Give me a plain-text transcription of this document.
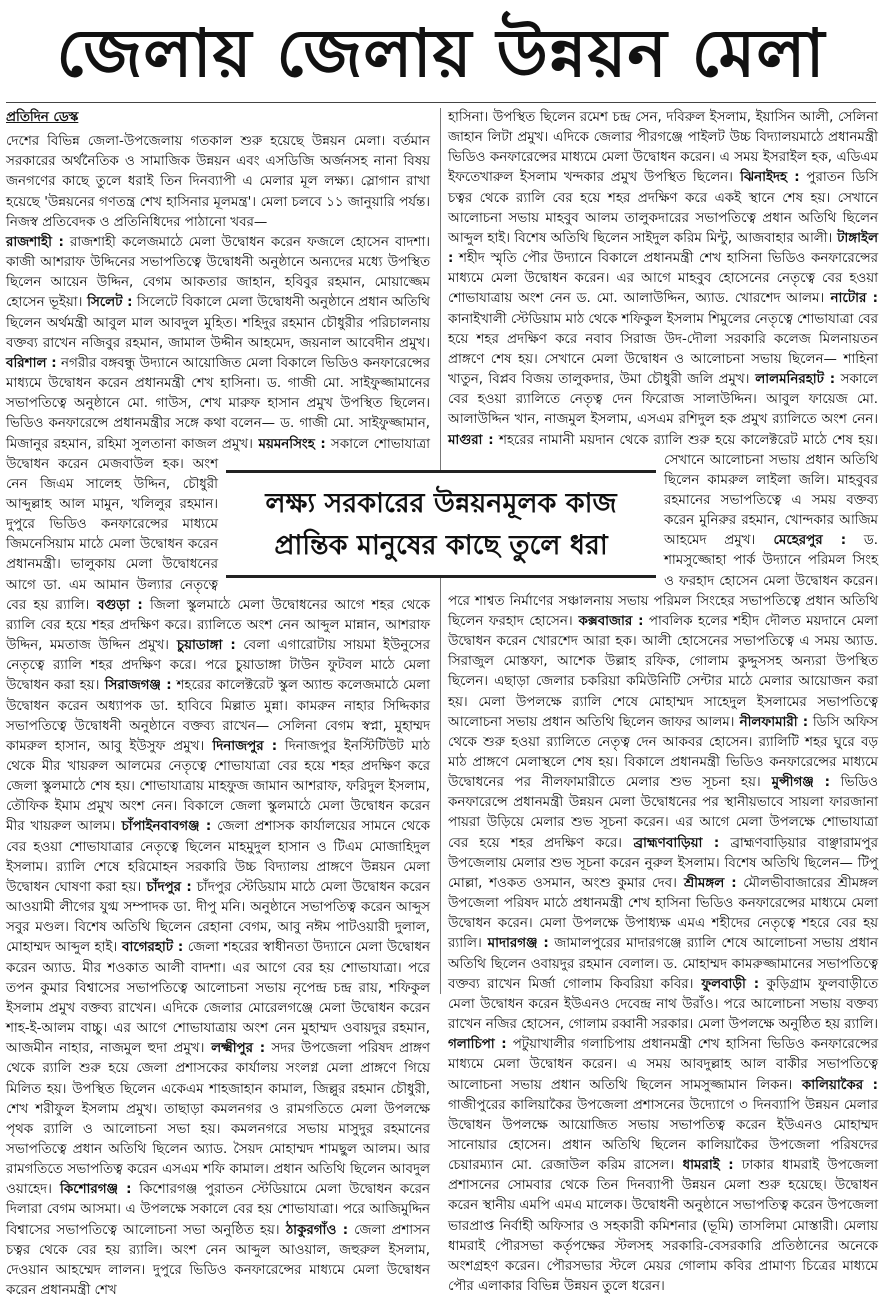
জেলায় জেলায় উন্নয়ন মেলা
প্রতিদিন ডেস্ক

দেশের বিভিন্ন জেলা-উপজেলায় গতকাল শুরু হয়েছে উন্নয়ন মেলা। বর্তমান সরকারের অর্থনৈতিক ও সামাজিক উন্নয়ন এবং এসডিজি অর্জনসহ নানা বিষয় জনগণের কাছে তুলে ধরাই তিন দিনব্যাপী এ মেলার মূল লক্ষ্য। স্লোগান রাখা হয়েছে 'উন্নয়নের গণতন্ত্র শেখ হাসিনার মূলমন্ত্র'। মেলা চলবে ১১ জানুয়ারি পর্যন্ত। নিজস্ব প্রতিবেদক ও প্রতিনিধিদের পাঠানো খবর—

রাজশাহী : রাজশাহী কলেজমাঠে মেলা উদ্বোধন করেন ফজলে হোসেন বাদশা। কাজী আশরাফ উদ্দিনের সভাপতিত্বে উদ্বোধনী অনুষ্ঠানে অন্যদের মধ্যে উপস্থিত ছিলেন আয়েন উদ্দিন, বেগম আকতার জাহান, হবিবুর রহমান, মোয়াজ্জেম হোসেন ভূইয়া। সিলেট : সিলেটে বিকালে মেলা উদ্বোধনী অনুষ্ঠানে প্রধান অতিথি ছিলেন অর্থমন্ত্রী আবুল মাল আবদুল মুহিত। শহিদুর রহমান চৌধুরীর পরিচালনায় বক্তব্য রাখেন নজিবুর রহমান, জামাল উদ্দীন আহমেদ, জয়নাল আবেদীন প্রমুখ। বরিশাল : নগরীর বঙ্গবন্ধু উদ্যানে আয়োজিত মেলা বিকালে ভিডিও কনফারেন্সের মাধ্যমে উদ্বোধন করেন প্রধানমন্ত্রী শেখ হাসিনা। ড. গাজী মো. সাইফুজ্জামানের সভাপতিত্বে অনুষ্ঠানে মো. গাউস, শেখ মারুফ হাসান প্রমুখ উপস্থিত ছিলেন। ভিডিও কনফারেন্সে প্রধানমন্ত্রীর সঙ্গে কথা বলেন— ড. গাজী মো. সাইফুজ্জামান, মিজানুর রহমান, রহিমা সুলতানা কাজল প্রমুখ। ময়মনসিংহ : সকালে শোভাযাত্রা উদ্বোধন করেন মেজবাউল হক। অংশ নেন জিএম সালেহ উদ্দিন, চৌধুরী আব্দুল্লাহ আল মামুন, খলিলুর রহমান। দুপুরে ভিডিও কনফারেন্সের মাধ্যমে জিমনেসিয়াম মাঠে মেলা উদ্বোধন করেন প্রধানমন্ত্রী। ভালুকায় মেলা উদ্বোধনের আগে ডা. এম আমান উল্যার নেতৃত্বে বের হয় র‌্যালি। বগুড়া : জিলা স্কুলমাঠে মেলা উদ্বোধনের আগে শহর থেকে র‌্যালি বের হয়ে শহর প্রদক্ষিণ করে। র‌্যালিতে অংশ নেন আব্দুল মান্নান, আশরাফ উদ্দিন, মমতাজ উদ্দিন প্রমুখ। চুয়াডাঙ্গা : বেলা এগারোটায় সায়মা ইউনুসের নেতৃত্বে র‌্যালি শহর প্রদক্ষিণ করে। পরে চুয়াডাঙ্গা টাউন ফুটবল মাঠে মেলা উদ্বোধন করা হয়। সিরাজগঞ্জ : শহরের কালেক্টরেট স্কুল অ্যান্ড কলেজমাঠে মেলা উদ্বোধন করেন অধ্যাপক ডা. হাবিবে মিল্লাত মুন্না। কামরুন নাহার সিদ্দিকার সভাপতিত্বে উদ্বোধনী অনুষ্ঠানে বক্তব্য রাখেন— সেলিনা বেগম স্বপ্না, মুহাম্মদ কামরুল হাসান, আবু ইউসুফ প্রমুখ। দিনাজপুর : দিনাজপুর ইনস্টিটিউট মাঠ থেকে মীর খায়রুল আলমের নেতৃত্বে শোভাযাত্রা বের হয়ে শহর প্রদক্ষিণ করে জেলা স্কুলমাঠে শেষ হয়। শোভাযাত্রায় মাহফুজ জামান আশরাফ, ফরিদুল ইসলাম, তৌফিক ইমাম প্রমুখ অংশ নেন। বিকালে জেলা স্কুলমাঠে মেলা উদ্বোধন করেন মীর খায়রুল আলম। চাঁপাইনবাবগঞ্জ : জেলা প্রশাসক কার্যালয়ের সামনে থেকে বের হওয়া শোভাযাত্রার নেতৃত্বে ছিলেন মাহমুদুল হাসান ও টিএম মোজাহিদুল ইসলাম। র‌্যালি শেষে হরিমোহন সরকারি উচ্চ বিদ্যালয় প্রাঙ্গণে উন্নয়ন মেলা উদ্বোধন ঘোষণা করা হয়। চাঁদপুর : চাঁদপুর স্টেডিয়াম মাঠে মেলা উদ্বোধন করেন আওয়ামী লীগের যুগ্ম সম্পাদক ডা. দীপু মনি। অনুষ্ঠানে সভাপতিত্ব করেন আব্দুস সবুর মণ্ডল। বিশেষ অতিথি ছিলেন রেহানা বেগম, আবু নঈম পাটওয়ারী দুলাল, মোহাম্মদ আব্দুল হাই। বাগেরহাট : জেলা শহরের স্বাধীনতা উদ্যানে মেলা উদ্বোধন করেন অ্যাড. মীর শওকাত আলী বাদশা। এর আগে বের হয় শোভাযাত্রা। পরে তপন কুমার বিশ্বাসের সভাপতিত্বে আলোচনা সভায় নৃপেন্দ্র চন্দ্র রায়, শফিকুল ইসলাম প্রমুখ বক্তব্য রাখেন। এদিকে জেলার মোরেলগঞ্জে মেলা উদ্বোধন করেন শাহ-ই-আলম বাচ্চু। এর আগে শোভাযাত্রায় অংশ নেন মুহাম্মদ ওবায়দুর রহমান, আজমীন নাহার, নাজমুল হুদা প্রমুখ। লক্ষ্মীপুর : সদর উপজেলা পরিষদ প্রাঙ্গণ থেকে র‌্যালি শুরু হয়ে জেলা প্রশাসকের কার্যালয় সংলগ্ন মেলা প্রাঙ্গণে গিয়ে মিলিত হয়। উপস্থিত ছিলেন একেএম শাহজাহান কামাল, জিল্লুর রহমান চৌধুরী, শেখ শরীফুল ইসলাম প্রমুখ। তাছাড়া কমলনগর ও রামগতিতে মেলা উপলক্ষে পৃথক র‌্যালি ও আলোচনা সভা হয়। কমলনগরে সভায় মাসুদুর রহমানের সভাপতিত্বে প্রধান অতিথি ছিলেন অ্যাড. সৈয়দ মোহাম্মদ শামছুল আলম। আর রামগতিতে সভাপতিত্ব করেন এসএম শফি কামাল। প্রধান অতিথি ছিলেন আবদুল ওয়াহেদ। কিশোরগঞ্জ : কিশোরগঞ্জ পুরাতন স্টেডিয়ামে মেলা উদ্বোধন করেন দিলারা বেগম আসমা। এ উপলক্ষে সকালে বের হয় শোভাযাত্রা। পরে আজিমুদ্দিন বিশ্বাসের সভাপতিত্বে আলোচনা সভা অনুষ্ঠিত হয়। ঠাকুরগাঁও : জেলা প্রশাসন চত্বর থেকে বের হয় র‌্যালি। অংশ নেন আব্দুল আওয়াল, জহুরুল ইসলাম, দেওয়ান আহম্মেদ লালন। দুপুরে ভিডিও কনফারেন্সের মাধ্যমে মেলা উদ্বোধন করেন প্রধানমন্ত্রী শেখ

হাসিনা। উপস্থিত ছিলেন রমেশ চন্দ্র সেন, দবিরুল ইসলাম, ইয়াসিন আলী, সেলিনা জাহান লিটা প্রমুখ। এদিকে জেলার পীরগঞ্জে পাইলট উচ্চ বিদ্যালয়মাঠে প্রধানমন্ত্রী ভিডিও কনফারেন্সের মাধ্যমে মেলা উদ্বোধন করেন। এ সময় ইসরাইল হক, এডিএম ইফতেখারুল ইসলাম খন্দকার প্রমুখ উপস্থিত ছিলেন। ঝিনাইদহ : পুরাতন ডিসি চত্বর থেকে র‌্যালি বের হয়ে শহর প্রদক্ষিণ করে একই স্থানে শেষ হয়। সেখানে আলোচনা সভায় মাহবুব আলম তালুকদারের সভাপতিত্বে প্রধান অতিথি ছিলেন আব্দুল হাই। বিশেষ অতিথি ছিলেন সাইদুল করিম মিন্টু, আজবাহার আলী। টাঙ্গাইল : শহীদ স্মৃতি পৌর উদ্যানে বিকালে প্রধানমন্ত্রী শেখ হাসিনা ভিডিও কনফারেন্সের মাধ্যমে মেলা উদ্বোধন করেন। এর আগে মাহবুব হোসেনের নেতৃত্বে বের হওয়া শোভাযাত্রায় অংশ নেন ড. মো. আলাউদ্দিন, অ্যাড. খোরশেদ আলম। নাটোর : কানাইখালী স্টেডিয়াম মাঠ থেকে শফিকুল ইসলাম শিমুলের নেতৃত্বে শোভাযাত্রা বের হয়ে শহর প্রদক্ষিণ করে নবাব সিরাজ উদ-দৌলা সরকারি কলেজ মিলনায়তন প্রাঙ্গণে শেষ হয়। সেখানে মেলা উদ্বোধন ও আলোচনা সভায় ছিলেন— শাহিনা খাতুন, বিপ্লব বিজয় তালুকদার, উমা চৌধুরী জলি প্রমুখ। লালমনিরহাট : সকালে বের হওয়া র‌্যালিতে নেতৃত্ব দেন ফিরোজ সালাউদ্দিন। আবুল ফায়েজ মো. আলাউদ্দিন খান, নাজমুল ইসলাম, এসএম রশিদুল হক প্রমুখ র‌্যালিতে অংশ নেন। মাগুরা : শহরের নামানী ময়দান থেকে র‌্যালি শুরু হয়ে কালেক্টরেট মাঠে শেষ হয়। সেখানে আলোচনা সভায় প্রধান অতিথি ছিলেন কামরুল লাইলা জলি। মাহবুবর রহমানের সভাপতিত্বে এ সময় বক্তব্য করেন মুনিরুর রহমান, খোন্দকার আজিম আহমেদ প্রমুখ। মেহেরপুর : ড. শামসুজ্জোহা পার্ক উদ্যানে পরিমল সিংহ ও ফরহাদ হোসেন মেলা উদ্বোধন করেন। পরে শাশ্বত নির্মাণের সঞ্চালনায় সভায় পরিমল সিংহের সভাপতিত্বে প্রধান অতিথি ছিলেন ফরহাদ হোসেন। কক্সবাজার : পাবলিক হলের শহীদ দৌলত ময়দানে মেলা উদ্বোধন করেন খোরশেদ আরা হক। আলী হোসেনের সভাপতিত্বে এ সময় অ্যাড. সিরাজুল মোস্তফা, আশেক উল্লাহ রফিক, গোলাম কুদ্দুসসহ অন্যরা উপস্থিত ছিলেন। এছাড়া জেলার চকরিয়া কমিউনিটি সেন্টার মাঠে মেলার আয়োজন করা হয়। মেলা উপলক্ষে র‌্যালি শেষে মোহাম্মদ সাহেদুল ইসলামের সভাপতিত্বে আলোচনা সভায় প্রধান অতিথি ছিলেন জাফর আলম। নীলফামারী : ডিসি অফিস থেকে শুরু হওয়া র‌্যালিতে নেতৃত্ব দেন আকবর হোসেন। র‌্যালিটি শহর ঘুরে বড় মাঠ প্রাঙ্গণে মেলাস্থলে শেষ হয়। বিকালে প্রধানমন্ত্রী ভিডিও কনফারেন্সের মাধ্যমে উদ্বোধনের পর নীলফামারীতে মেলার শুভ সূচনা হয়। মুন্সীগঞ্জ : ভিডিও কনফারেন্সে প্রধানমন্ত্রী উন্নয়ন মেলা উদ্বোধনের পর স্থানীয়ভাবে সায়লা ফারজানা পায়রা উড়িয়ে মেলার শুভ সূচনা করেন। এর আগে মেলা উপলক্ষে শোভাযাত্রা বের হয়ে শহর প্রদক্ষিণ করে। ব্রাহ্মণবাড়িয়া : ব্রাহ্মণবাড়িয়ার বাঞ্ছারামপুর উপজেলায় মেলার শুভ সূচনা করেন নুরুল ইসলাম। বিশেষ অতিথি ছিলেন— টিপু মোল্লা, শওকত ওসমান, অংশু কুমার দেব। শ্রীমঙ্গল : মৌলভীবাজারের শ্রীমঙ্গল উপজেলা পরিষদ মাঠে প্রধানমন্ত্রী শেখ হাসিনা ভিডিও কনফারেন্সের মাধ্যমে মেলা উদ্বোধন করেন। মেলা উপলক্ষে উপাধ্যক্ষ এমএ শহীদের নেতৃত্বে শহরে বের হয় র‌্যালি। মাদারগঞ্জ : জামালপুরের মাদারগঞ্জে র‌্যালি শেষে আলোচনা সভায় প্রধান অতিথি ছিলেন ওবায়দুর রহমান বেলাল। ড. মোহাম্মদ কামরুজ্জামানের সভাপতিত্বে বক্তব্য রাখেন মির্জা গোলাম কিবরিয়া কবির। ফুলবাড়ী : কুড়িগ্রাম ফুলবাড়ীতে মেলা উদ্বোধন করেন ইউএনও দেবেন্দ্র নাথ উরাঁও। পরে আলোচনা সভায় বক্তব্য রাখেন নজির হোসেন, গোলাম রব্বানী সরকার। মেলা উপলক্ষে অনুষ্ঠিত হয় র‌্যালি। গলাচিপা : পটুয়াখালীর গলাচিপায় প্রধানমন্ত্রী শেখ হাসিনা ভিডিও কনফারেন্সের মাধ্যমে মেলা উদ্বোধন করেন। এ সময় আবদুল্লাহ আল বাকীর সভাপতিত্বে আলোচনা সভায় প্রধান অতিথি ছিলেন সামসুজ্জামান লিকন। কালিয়াকৈর : গাজীপুরের কালিয়াকৈর উপজেলা প্রশাসনের উদ্যোগে ৩ দিনব্যাপি উন্নয়ন মেলার উদ্বোধন উপলক্ষে আয়োজিত সভায় সভাপতিত্ব করেন ইউএনও মোহাম্মদ সানোয়ার হোসেন। প্রধান অতিথি ছিলেন কালিয়াকৈর উপজেলা পরিষদের চেয়ারম্যান মো. রেজাউল করিম রাসেল। ধামরাই : ঢাকার ধামরাই উপজেলা প্রশাসনের সোমবার থেকে তিন দিনব্যাপী উন্নয়ন মেলা শুরু হয়েছে। উদ্বোধন করেন স্থানীয় এমপি এমএ মালেক। উদ্বোধনী অনুষ্ঠানে সভাপতিত্ব করেন উপজেলা ভারপ্রাপ্ত নির্বাহী অফিসার ও সহকারী কমিশনার (ভূমি) তাসলিমা মোস্তারী। মেলায় ধামরাই পৌরসভা কর্তৃপক্ষের স্টলসহ সরকারি-বেসরকারি প্রতিষ্ঠানের অনেকে অংশগ্রহণ করেন। পৌরসভার স্টলে মেয়র গোলাম কবির প্রামাণ্য চিত্রের মাধ্যমে পৌর এলাকার বিভিন্ন উন্নয়ন তুলে ধরেন।

লক্ষ্য সরকারের উন্নয়নমূলক কাজ
প্রান্তিক মানুষের কাছে তুলে ধরা
